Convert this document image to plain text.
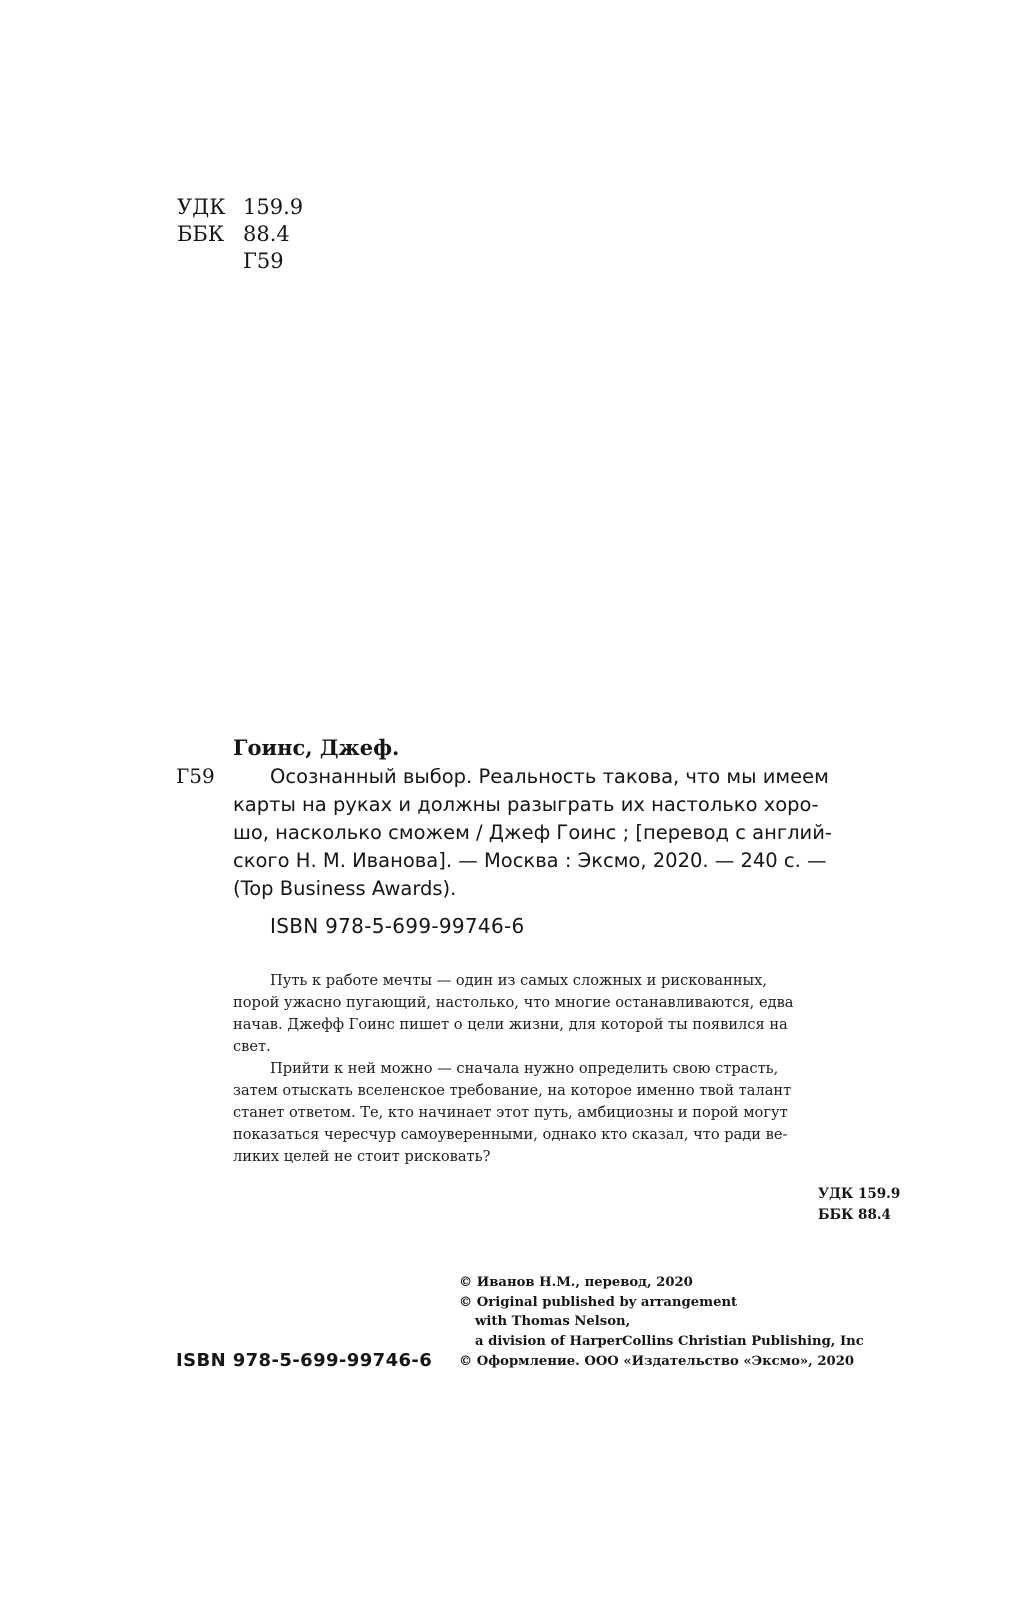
УДК 159.9
ББК 88.4
Г59
Гоинс, Джеф.
Г59	Осознанный выбор. Реальность такова, что мы имеем
карты на руках и должны разыграть их настолько хоро-
шо, насколько сможем / Джеф Гоинс ; [перевод с англий-
ского Н. М. Иванова]. — Москва : Эксмо, 2020. — 240 с. —
(Top Business Awards).
ISBN 978-5-699-99746-6
Путь к работе мечты — один из самых сложных и рискованных,
порой ужасно пугающий, настолько, что многие останавливаются, едва
начав. Джефф Гоинс пишет о цели жизни, для которой ты появился на
свет.
Прийти к ней можно — сначала нужно определить свою страсть,
затем отыскать вселенское требование, на которое именно твой талант
станет ответом. Те, кто начинает этот путь, амбициозны и порой могут
показаться чересчур самоуверенными, однако кто сказал, что ради ве-
ликих целей не стоит рисковать?
УДК 159.9
ББК 88.4
© Иванов Н.М., перевод, 2020
© Original published by arrangement
with Thomas Nelson,
a division of HarperCollins Christian Publishing, Inc
© Оформление. ООО «Издательство «Эксмо», 2020
ISBN 978-5-699-99746-6
